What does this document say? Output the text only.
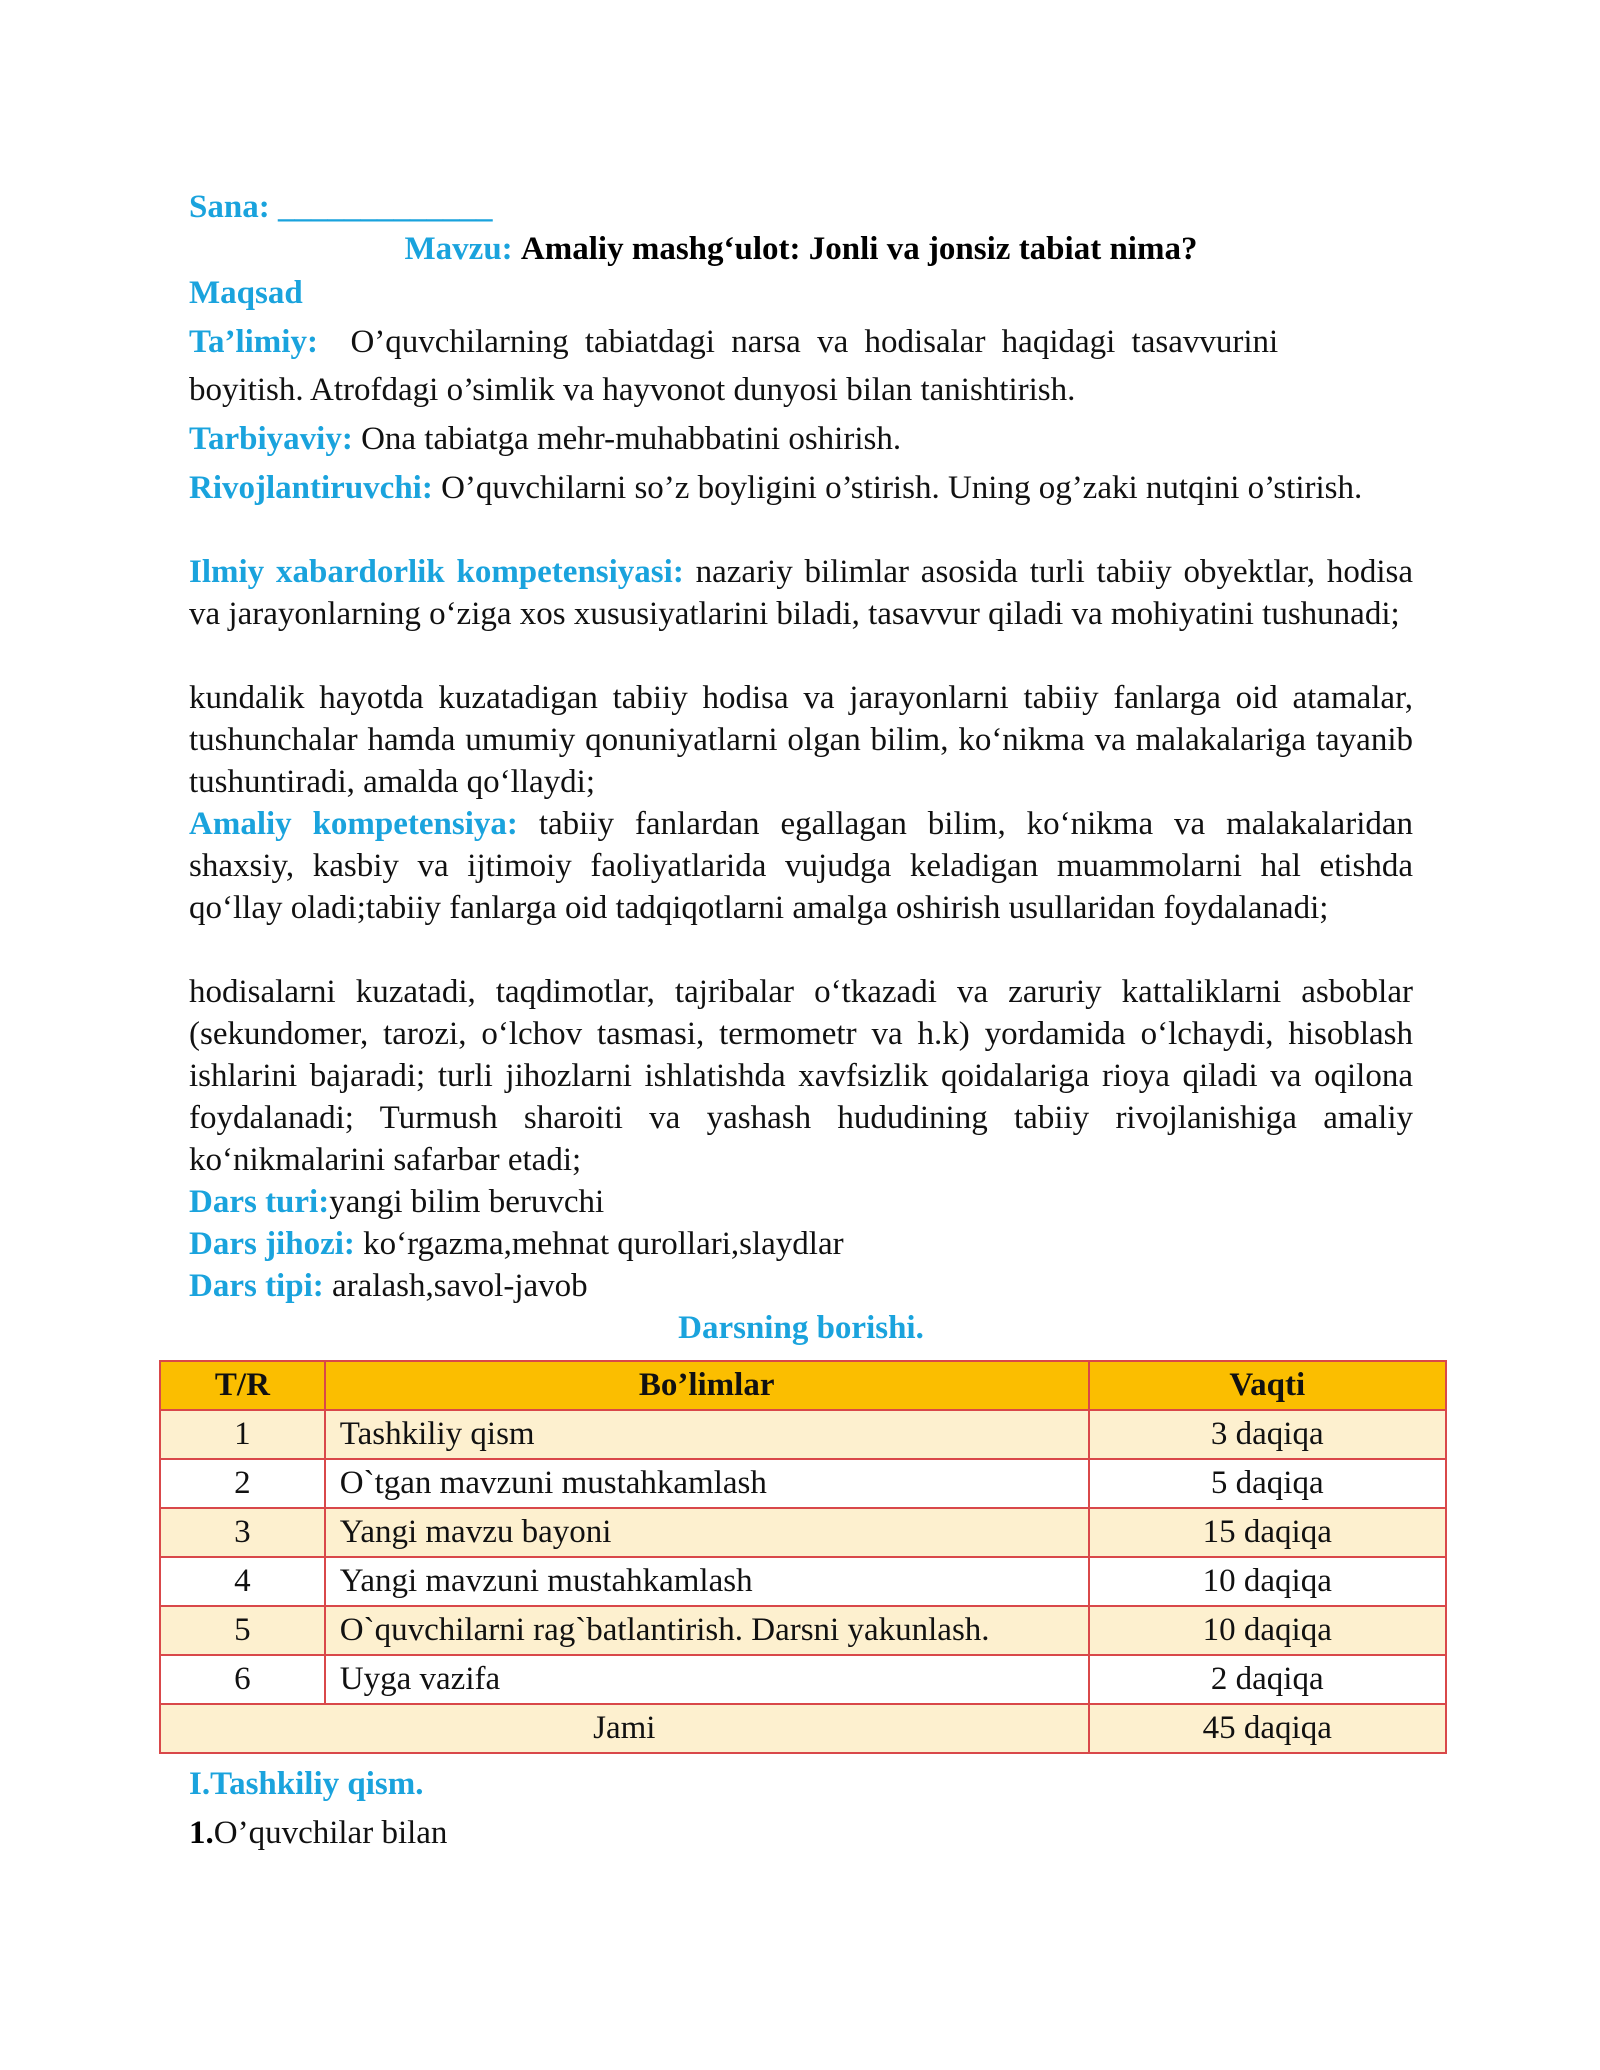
Sana: _____________
Mavzu: Amaliy mashg‘ulot: Jonli va jonsiz tabiat nima?
Maqsad

Ta’limiy: O’quvchilarning tabiatdagi narsa va hodisalar haqidagi tasavvurini

boyitish. Atrofdagi o’simlik va hayvonot dunyosi bilan tanishtirish.

Tarbiyaviy: Ona tabiatga mehr-muhabbatini oshirish.
Rivojlantiruvchi: O’quvchilarni so’z boyligini o’stirish. Uning og’zaki nutqini o’stirish.
Ilmiy xabardorlik kompetensiyasi: nazariy bilimlar asosida turli tabiiy obyektlar, hodisa va jarayonlarning o‘ziga xos xususiyatlarini biladi, tasavvur qiladi va mohiyatini tushunadi;
kundalik hayotda kuzatadigan tabiiy hodisa va jarayonlarni tabiiy fanlarga oid atamalar, tushunchalar hamda umumiy qonuniyatlarni olgan bilim, ko‘nikma va malakalariga tayanib tushuntiradi, amalda qo‘llaydi;
Amaliy kompetensiya: tabiiy fanlardan egallagan bilim, ko‘nikma va malakalaridan shaxsiy, kasbiy va ijtimoiy faoliyatlarida vujudga keladigan muammolarni hal etishda qo‘llay oladi;tabiiy fanlarga oid tadqiqotlarni amalga oshirish usullaridan foydalanadi;
hodisalarni kuzatadi, taqdimotlar, tajribalar o‘tkazadi va zaruriy kattaliklarni asboblar (sekundomer, tarozi, o‘lchov tasmasi, termometr va h.k) yordamida o‘lchaydi, hisoblash ishlarini bajaradi; turli jihozlarni ishlatishda xavfsizlik qoidalariga rioya qiladi va oqilona foydalanadi; Turmush sharoiti va yashash hududining tabiiy rivojlanishiga amaliy ko‘nikmalarini safarbar etadi;
Dars turi:yangi bilim beruvchi
Dars jihozi: ko‘rgazma,mehnat qurollari,slaydlar
Dars tipi: aralash,savol-javob
Darsning borishi.
T/R	Bo’limlar	Vaqti
1	Tashkiliy qism	3 daqiqa
2	O`tgan mavzuni mustahkamlash	5 daqiqa
3	Yangi mavzu bayoni	15 daqiqa
4	Yangi mavzuni mustahkamlash	10 daqiqa
5	O`quvchilarni rag`batlantirish. Darsni yakunlash.	10 daqiqa
6	Uyga vazifa	2 daqiqa
Jami		45 daqiqa
I.Tashkiliy qism.
1.O’quvchilar bilan
